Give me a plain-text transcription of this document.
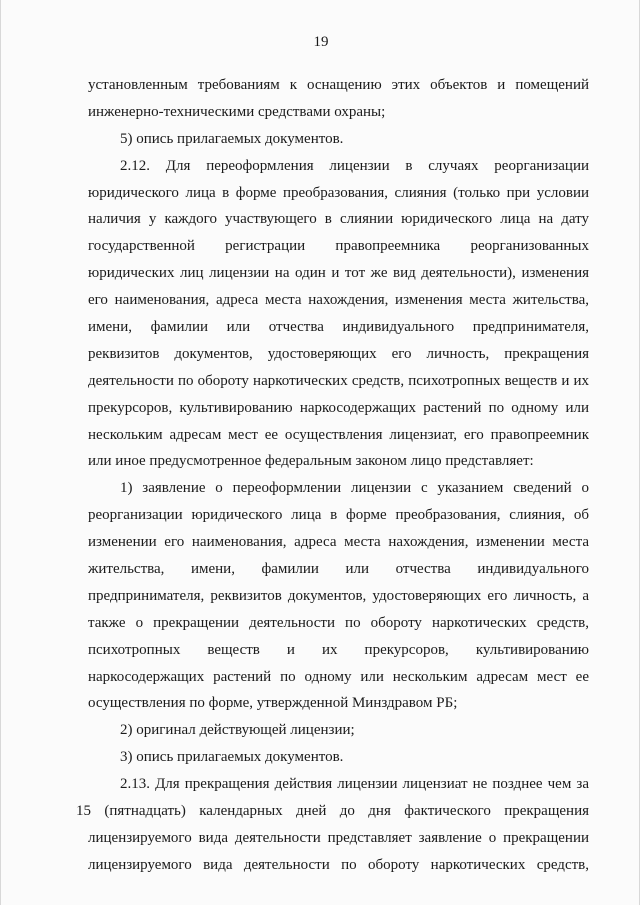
19
установленным требованиям к оснащению этих объектов и помещений
инженерно-техническими средствами охраны;
5) опись прилагаемых документов.
2.12. Для переоформления лицензии в случаях реорганизации
юридического лица в форме преобразования, слияния (только при условии
наличия у каждого участвующего в слиянии юридического лица на дату
государственной регистрации правопреемника реорганизованных
юридических лиц лицензии на один и тот же вид деятельности), изменения
его наименования, адреса места нахождения, изменения места жительства,
имени, фамилии или отчества индивидуального предпринимателя,
реквизитов документов, удостоверяющих его личность, прекращения
деятельности по обороту наркотических средств, психотропных веществ и их
прекурсоров, культивированию наркосодержащих растений по одному или
нескольким адресам мест ее осуществления лицензиат, его правопреемник
или иное предусмотренное федеральным законом лицо представляет:
1) заявление о переоформлении лицензии с указанием сведений о
реорганизации юридического лица в форме преобразования, слияния, об
изменении его наименования, адреса места нахождения, изменении места
жительства, имени, фамилии или отчества индивидуального
предпринимателя, реквизитов документов, удостоверяющих его личность, а
также о прекращении деятельности по обороту наркотических средств,
психотропных веществ и их прекурсоров, культивированию
наркосодержащих растений по одному или нескольким адресам мест ее
осуществления по форме, утвержденной Минздравом РБ;
2) оригинал действующей лицензии;
3) опись прилагаемых документов.
2.13. Для прекращения действия лицензии лицензиат не позднее чем за
15 (пятнадцать) календарных дней до дня фактического прекращения
лицензируемого вида деятельности представляет заявление о прекращении
лицензируемого вида деятельности по обороту наркотических средств,
